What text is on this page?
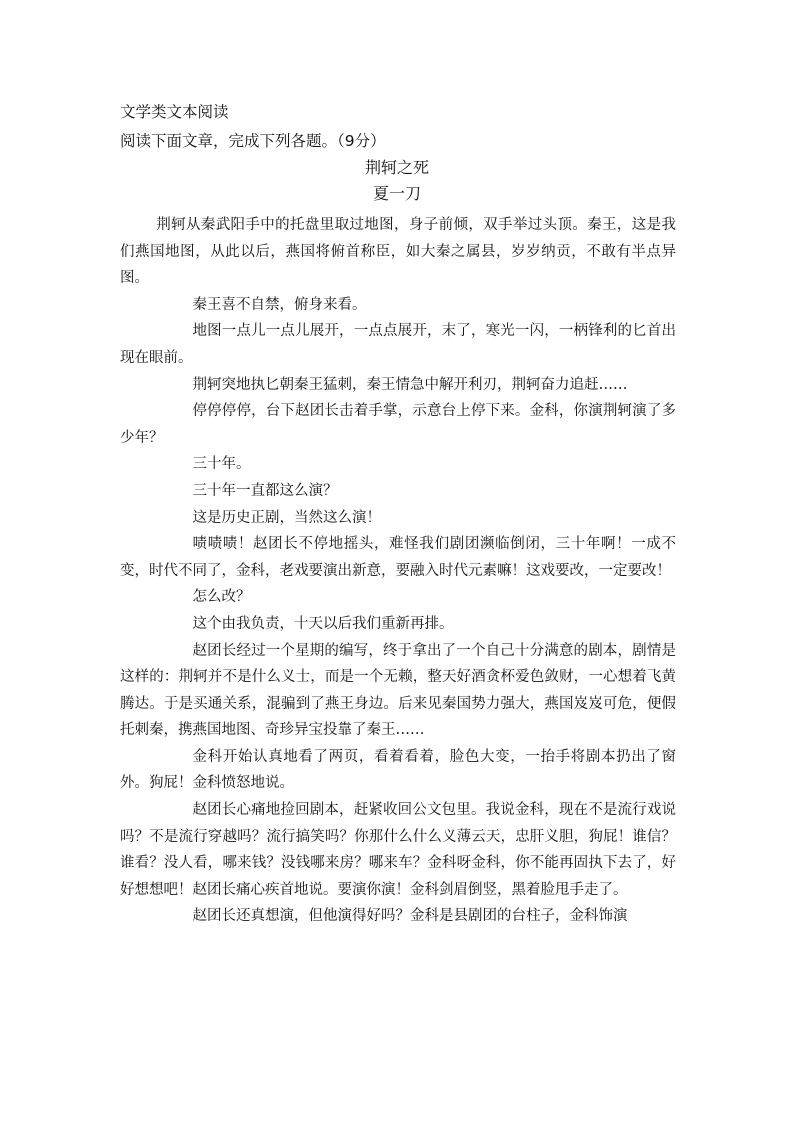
文学类文本阅读
阅读下面文章，完成下列各题。（9分）
荆轲之死
夏一刀

荆轲从秦武阳手中的托盘里取过地图，身子前倾，双手举过头顶。秦王，这是我们燕国地图，从此以后，燕国将俯首称臣，如大秦之属县，岁岁纳贡，不敢有半点异图。

秦王喜不自禁，俯身来看。

地图一点儿一点儿展开，一点点展开，末了，寒光一闪，一柄锋利的匕首出现在眼前。

荆轲突地执匕朝秦王猛刺，秦王情急中解开利刃，荆轲奋力追赶……

停停停停，台下赵团长击着手掌，示意台上停下来。金科，你演荆轲演了多少年？

三十年。

三十年一直都这么演？

这是历史正剧，当然这么演！

啧啧啧！赵团长不停地摇头，难怪我们剧团濒临倒闭，三十年啊！一成不变，时代不同了，金科，老戏要演出新意，要融入时代元素嘛！这戏要改，一定要改！

怎么改？

这个由我负责，十天以后我们重新再排。

赵团长经过一个星期的编写，终于拿出了一个自己十分满意的剧本，剧情是这样的：荆轲并不是什么义士，而是一个无赖，整天好酒贪杯爱色敛财，一心想着飞黄腾达。于是买通关系，混骗到了燕王身边。后来见秦国势力强大，燕国岌岌可危，便假托刺秦，携燕国地图、奇珍异宝投靠了秦王……

金科开始认真地看了两页，看着看着，脸色大变，一抬手将剧本扔出了窗外。狗屁！金科愤怒地说。

赵团长心痛地捡回剧本，赶紧收回公文包里。我说金科，现在不是流行戏说吗？不是流行穿越吗？流行搞笑吗？你那什么什么义薄云天，忠肝义胆，狗屁！谁信？谁看？没人看，哪来钱？没钱哪来房？哪来车？金科呀金科，你不能再固执下去了，好好想想吧！赵团长痛心疾首地说。要演你演！金科剑眉倒竖，黑着脸甩手走了。

赵团长还真想演，但他演得好吗？金科是县剧团的台柱子，金科饰演
